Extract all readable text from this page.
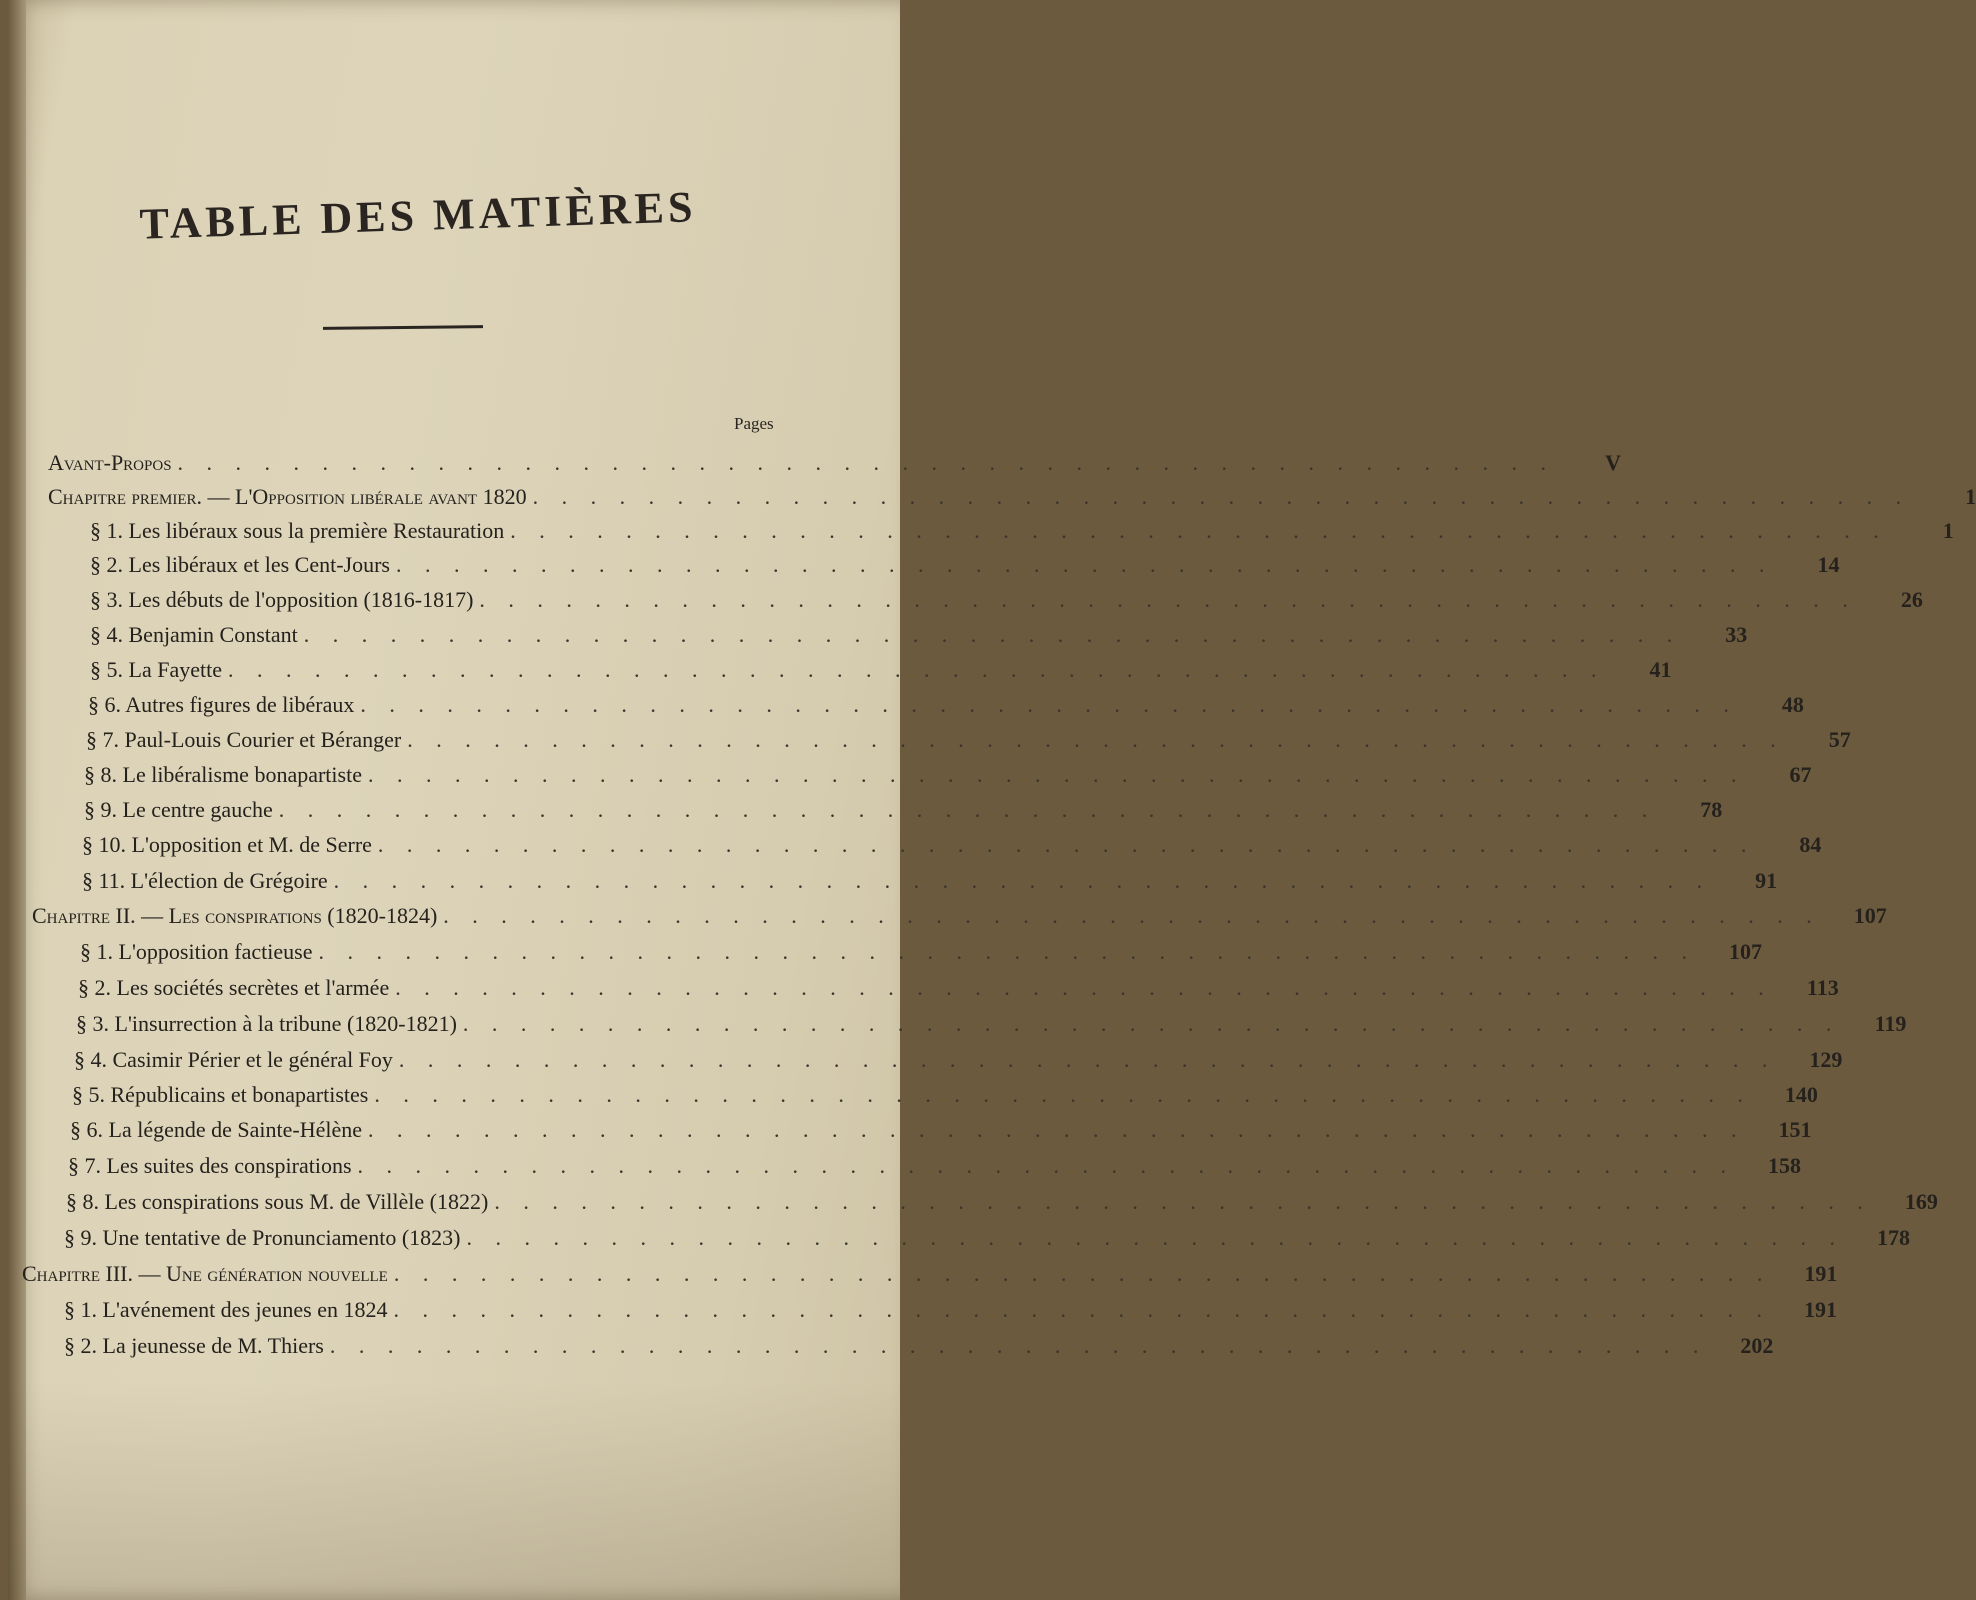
TABLE DES MATIÈRES
Pages
Avant-Propos . . . . . . . . . . . . . . . . . . . . . . . . . . . . . . . . . . . . . . . . . . . . . . . .	V
Chapitre premier. — L'Opposition libérale avant 1820 . . . . . . . . . . . . . . . . . . . . . . . . . . . . . . . . . . . . . . . . . . . . . . . .	1
§ 1. Les libéraux sous la première Restauration . . . . . . . . . . . . . . . . . . . . . . . . . . . . . . . . . . . . . . . . . . . . . . . .	1
§ 2. Les libéraux et les Cent-Jours . . . . . . . . . . . . . . . . . . . . . . . . . . . . . . . . . . . . . . . . . . . . . . . .	14
§ 3. Les débuts de l'opposition (1816-1817) . . . . . . . . . . . . . . . . . . . . . . . . . . . . . . . . . . . . . . . . . . . . . . . .	26
§ 4. Benjamin Constant . . . . . . . . . . . . . . . . . . . . . . . . . . . . . . . . . . . . . . . . . . . . . . . .	33
§ 5. La Fayette . . . . . . . . . . . . . . . . . . . . . . . . . . . . . . . . . . . . . . . . . . . . . . . .	41
§ 6. Autres figures de libéraux . . . . . . . . . . . . . . . . . . . . . . . . . . . . . . . . . . . . . . . . . . . . . . . .	48
§ 7. Paul-Louis Courier et Béranger . . . . . . . . . . . . . . . . . . . . . . . . . . . . . . . . . . . . . . . . . . . . . . . .	57
§ 8. Le libéralisme bonapartiste . . . . . . . . . . . . . . . . . . . . . . . . . . . . . . . . . . . . . . . . . . . . . . . .	67
§ 9. Le centre gauche . . . . . . . . . . . . . . . . . . . . . . . . . . . . . . . . . . . . . . . . . . . . . . . .	78
§ 10. L'opposition et M. de Serre . . . . . . . . . . . . . . . . . . . . . . . . . . . . . . . . . . . . . . . . . . . . . . . .	84
§ 11. L'élection de Grégoire . . . . . . . . . . . . . . . . . . . . . . . . . . . . . . . . . . . . . . . . . . . . . . . .	91
Chapitre II. — Les conspirations (1820-1824) . . . . . . . . . . . . . . . . . . . . . . . . . . . . . . . . . . . . . . . . . . . . . . . .	107
§ 1. L'opposition factieuse . . . . . . . . . . . . . . . . . . . . . . . . . . . . . . . . . . . . . . . . . . . . . . . .	107
§ 2. Les sociétés secrètes et l'armée . . . . . . . . . . . . . . . . . . . . . . . . . . . . . . . . . . . . . . . . . . . . . . . .	113
§ 3. L'insurrection à la tribune (1820-1821) . . . . . . . . . . . . . . . . . . . . . . . . . . . . . . . . . . . . . . . . . . . . . . . .	119
§ 4. Casimir Périer et le général Foy . . . . . . . . . . . . . . . . . . . . . . . . . . . . . . . . . . . . . . . . . . . . . . . .	129
§ 5. Républicains et bonapartistes . . . . . . . . . . . . . . . . . . . . . . . . . . . . . . . . . . . . . . . . . . . . . . . .	140
§ 6. La légende de Sainte-Hélène . . . . . . . . . . . . . . . . . . . . . . . . . . . . . . . . . . . . . . . . . . . . . . . .	151
§ 7. Les suites des conspirations . . . . . . . . . . . . . . . . . . . . . . . . . . . . . . . . . . . . . . . . . . . . . . . .	158
§ 8. Les conspirations sous M. de Villèle (1822) . . . . . . . . . . . . . . . . . . . . . . . . . . . . . . . . . . . . . . . . . . . . . . . .	169
§ 9. Une tentative de Pronunciamento (1823) . . . . . . . . . . . . . . . . . . . . . . . . . . . . . . . . . . . . . . . . . . . . . . . .	178
Chapitre III. — Une génération nouvelle . . . . . . . . . . . . . . . . . . . . . . . . . . . . . . . . . . . . . . . . . . . . . . . .	191
§ 1. L'avénement des jeunes en 1824 . . . . . . . . . . . . . . . . . . . . . . . . . . . . . . . . . . . . . . . . . . . . . . . .	191
§ 2. La jeunesse de M. Thiers . . . . . . . . . . . . . . . . . . . . . . . . . . . . . . . . . . . . . . . . . . . . . . . .	202
